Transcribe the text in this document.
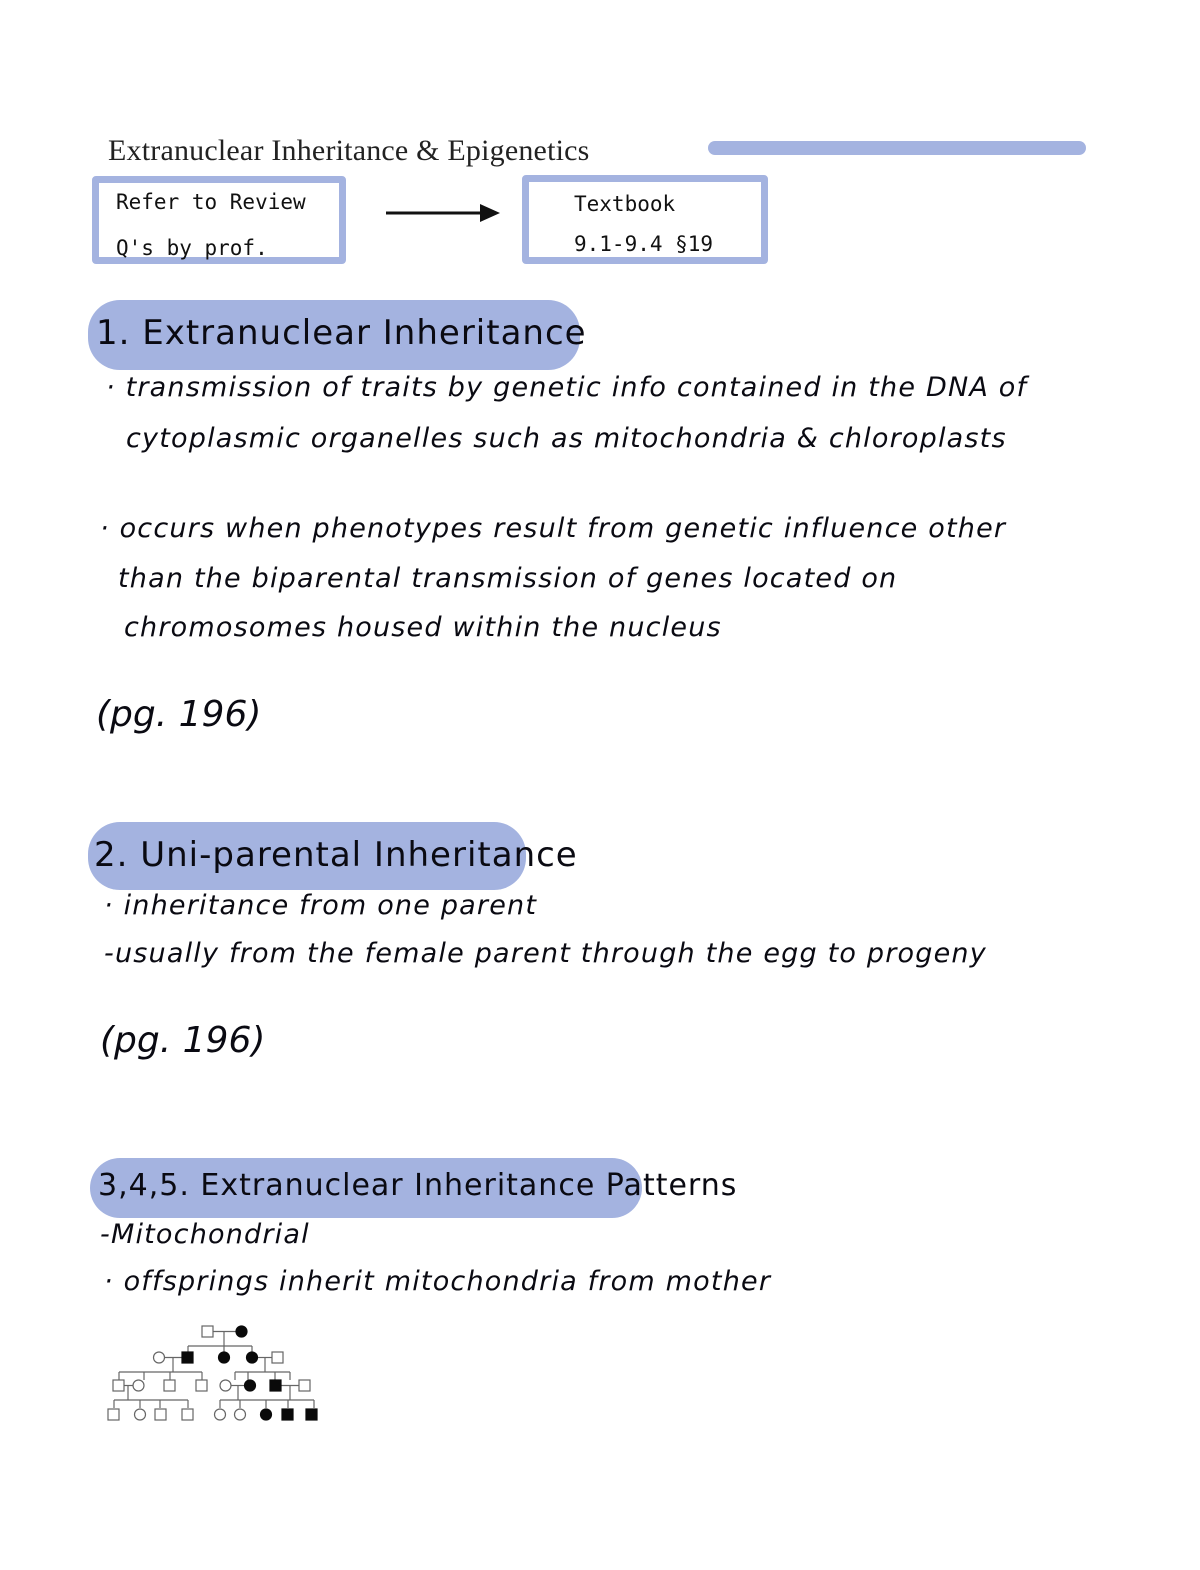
Extranuclear Inheritance & Epigenetics
Refer to Review
Q's by prof.
Textbook
9.1-9.4 §19
1. Extranuclear Inheritance
· transmission of traits by genetic info contained in the DNA of
cytoplasmic organelles such as mitochondria & chloroplasts
· occurs when phenotypes result from genetic influence other
than the biparental transmission of genes located on
chromosomes housed within the nucleus
(pg. 196)
2. Uni-parental Inheritance
· inheritance from one parent
-usually from the female parent through the egg to progeny
(pg. 196)
3,4,5. Extranuclear Inheritance Patterns
-Mitochondrial
· offsprings inherit mitochondria from mother
